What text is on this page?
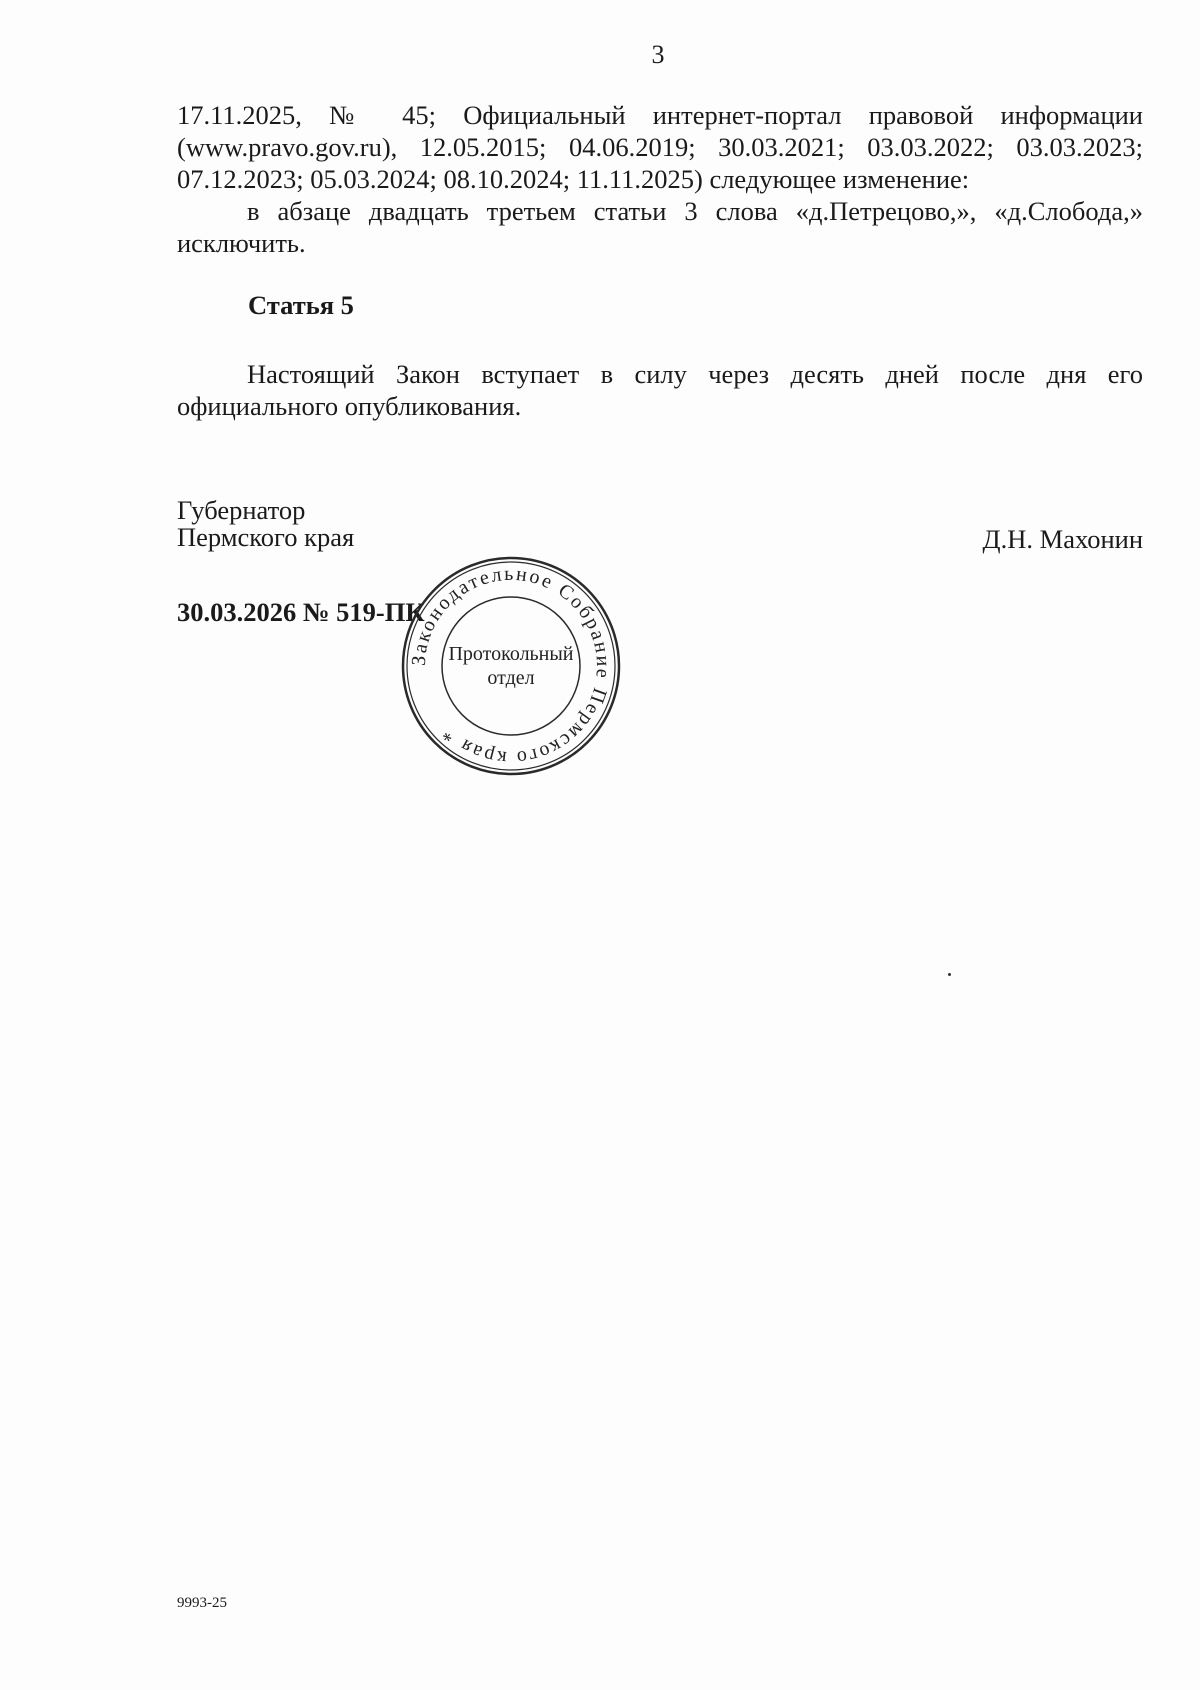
3
17.11.2025, № 45; Официальный интернет-портал правовой информации
(www.pravo.gov.ru), 12.05.2015; 04.06.2019; 30.03.2021; 03.03.2022; 03.03.2023;
07.12.2023; 05.03.2024; 08.10.2024; 11.11.2025) следующее изменение:
в абзаце двадцать третьем статьи 3 слова «д.Петрецово,», «д.Слобода,» исключить.
Статья 5
Настоящий Закон вступает в силу через десять дней после дня его официального опубликования.
Губернатор
Пермского края	Д.Н. Махонин
30.03.2026 № 519-ПК
Законодательное Собрание Пермского края *
Протокольный
отдел
9993-25
